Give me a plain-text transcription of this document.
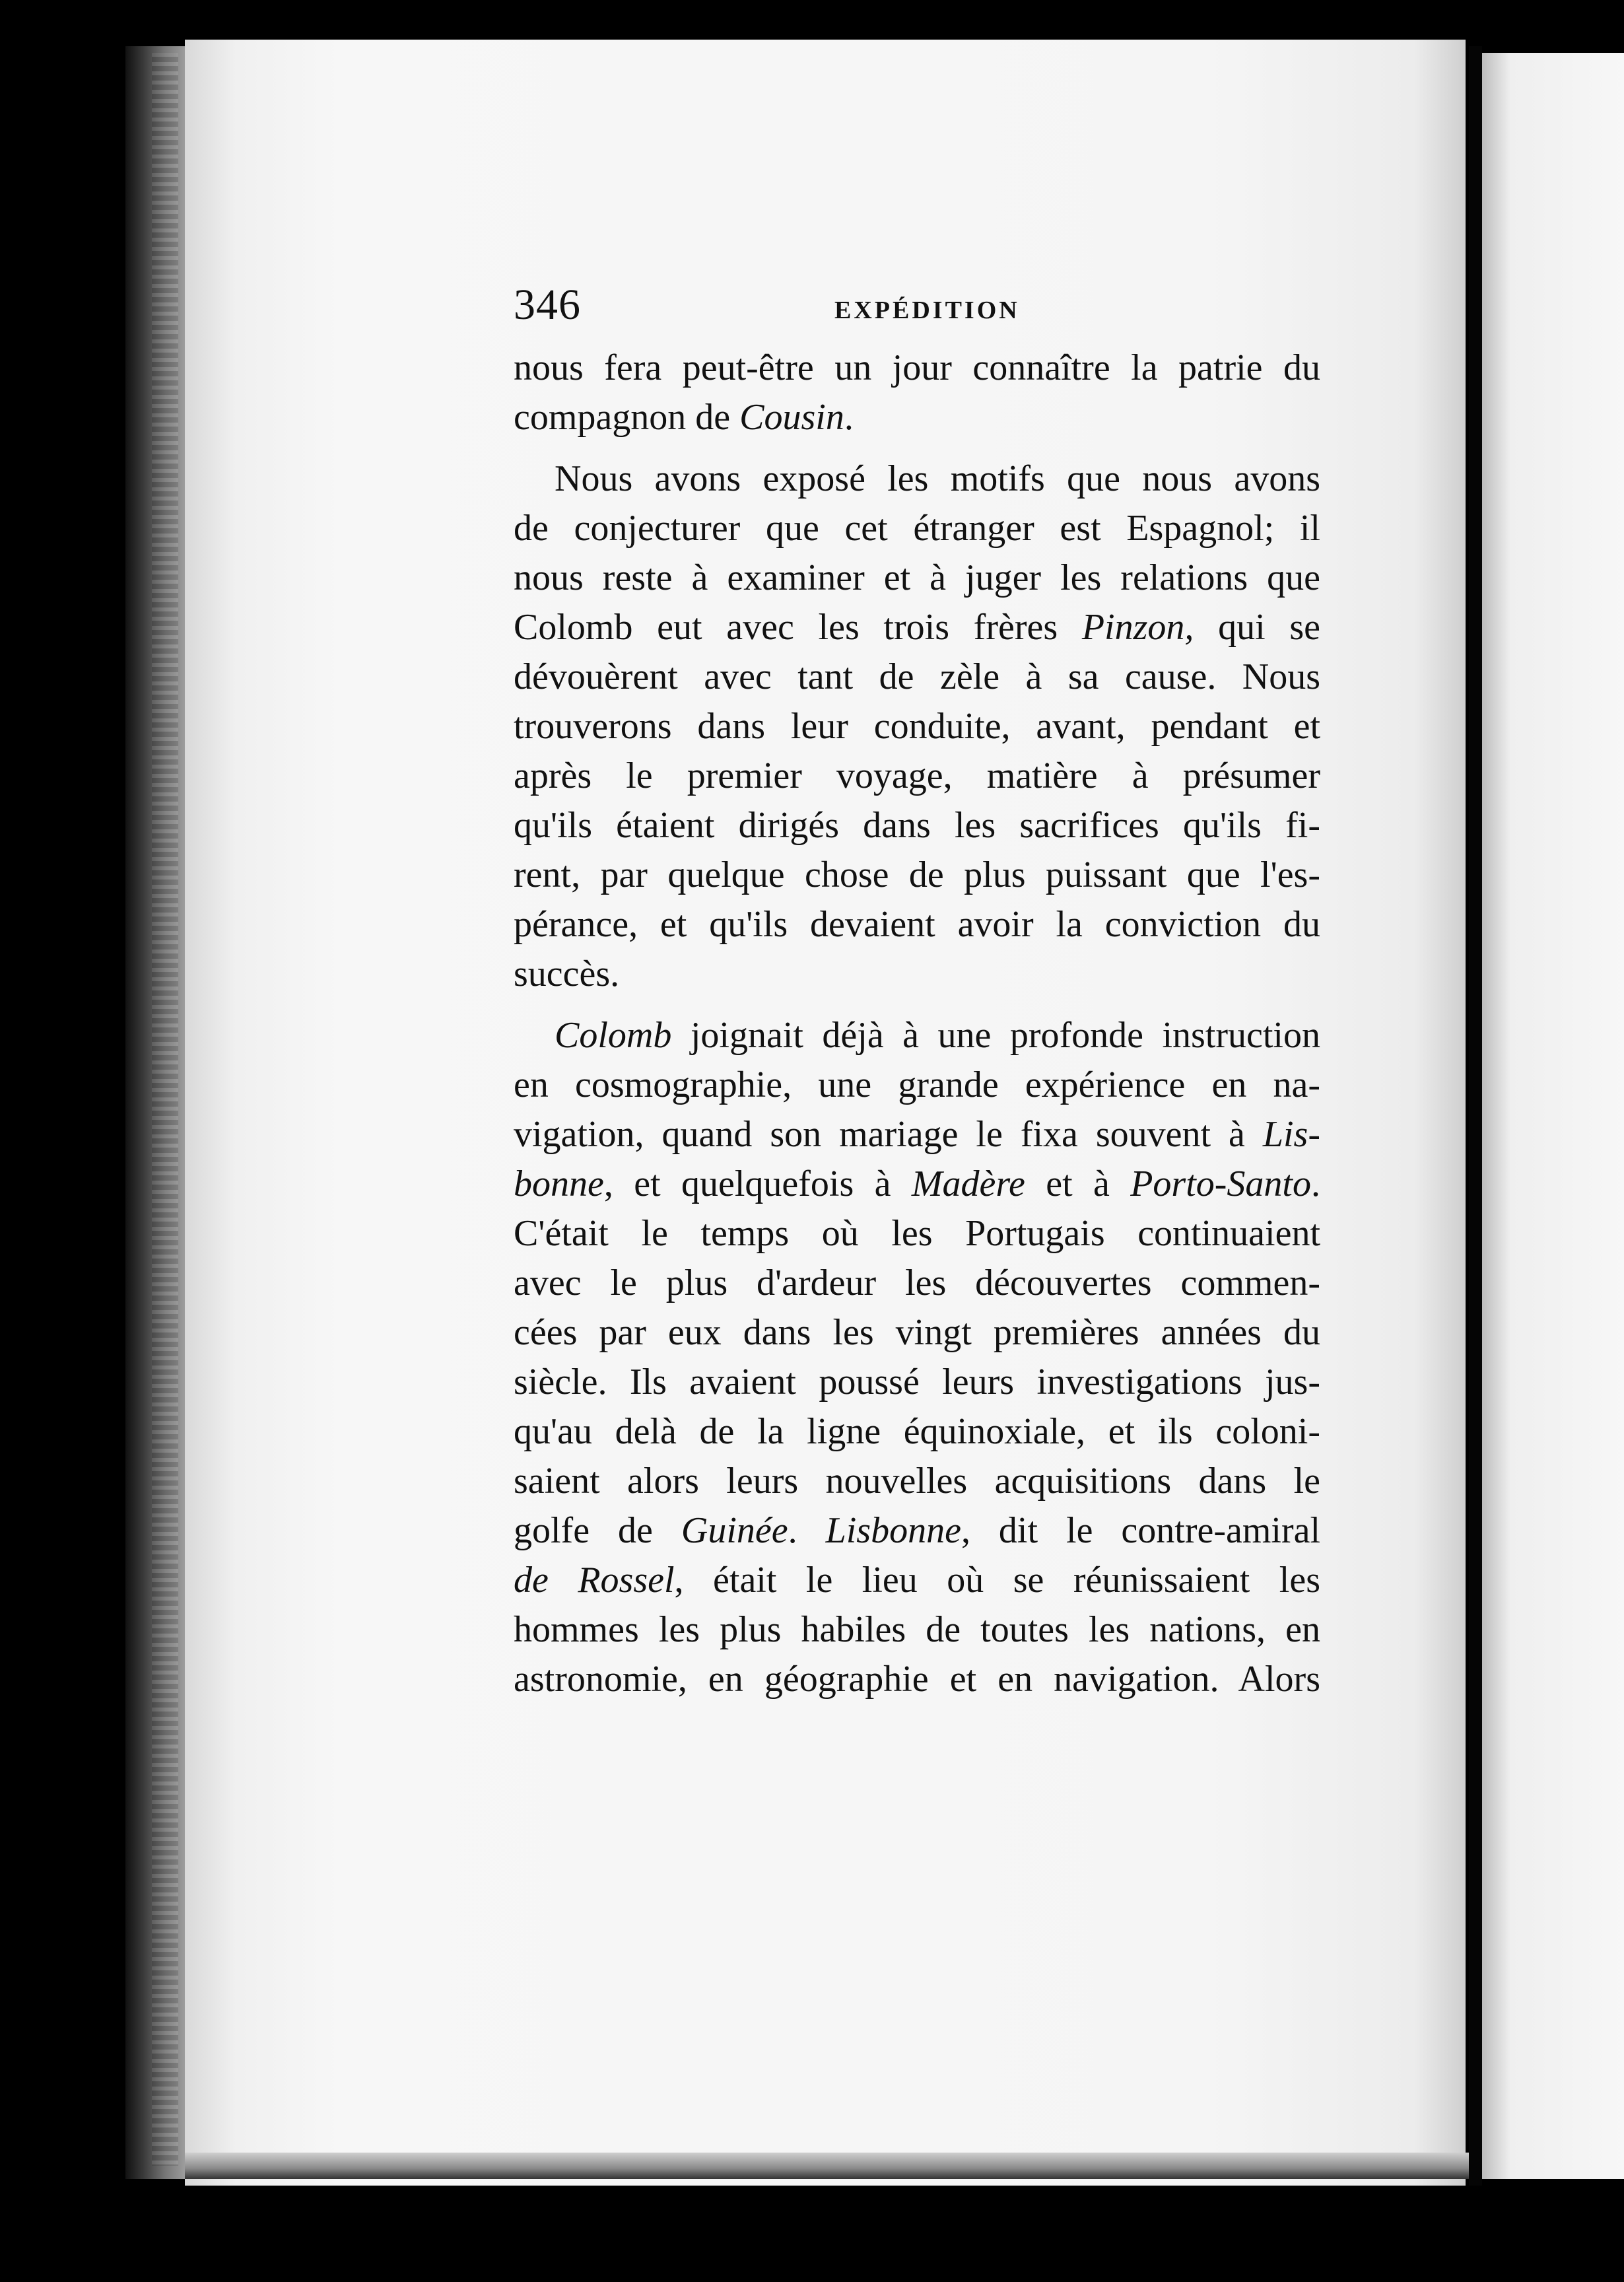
346	EXPÉDITION

nous fera peut-être un jour connaître la patrie du

compagnon de Cousin.

Nous avons exposé les motifs que nous avons

de conjecturer que cet étranger est Espagnol; il

nous reste à examiner et à juger les relations que

Colomb eut avec les trois frères Pinzon, qui se

dévouèrent avec tant de zèle à sa cause. Nous

trouverons dans leur conduite, avant, pendant et

après le premier voyage, matière à présumer

qu'ils étaient dirigés dans les sacrifices qu'ils fi-

rent, par quelque chose de plus puissant que l'es-

pérance, et qu'ils devaient avoir la conviction du

succès.

Colomb joignait déjà à une profonde instruction

en cosmographie, une grande expérience en na-

vigation, quand son mariage le fixa souvent à Lis-

bonne, et quelquefois à Madère et à Porto-Santo.

C'était le temps où les Portugais continuaient

avec le plus d'ardeur les découvertes commen-

cées par eux dans les vingt premières années du

siècle. Ils avaient poussé leurs investigations jus-

qu'au delà de la ligne équinoxiale, et ils coloni-

saient alors leurs nouvelles acquisitions dans le

golfe de Guinée. Lisbonne, dit le contre-amiral

de Rossel, était le lieu où se réunissaient les

hommes les plus habiles de toutes les nations, en

astronomie, en géographie et en navigation. Alors
